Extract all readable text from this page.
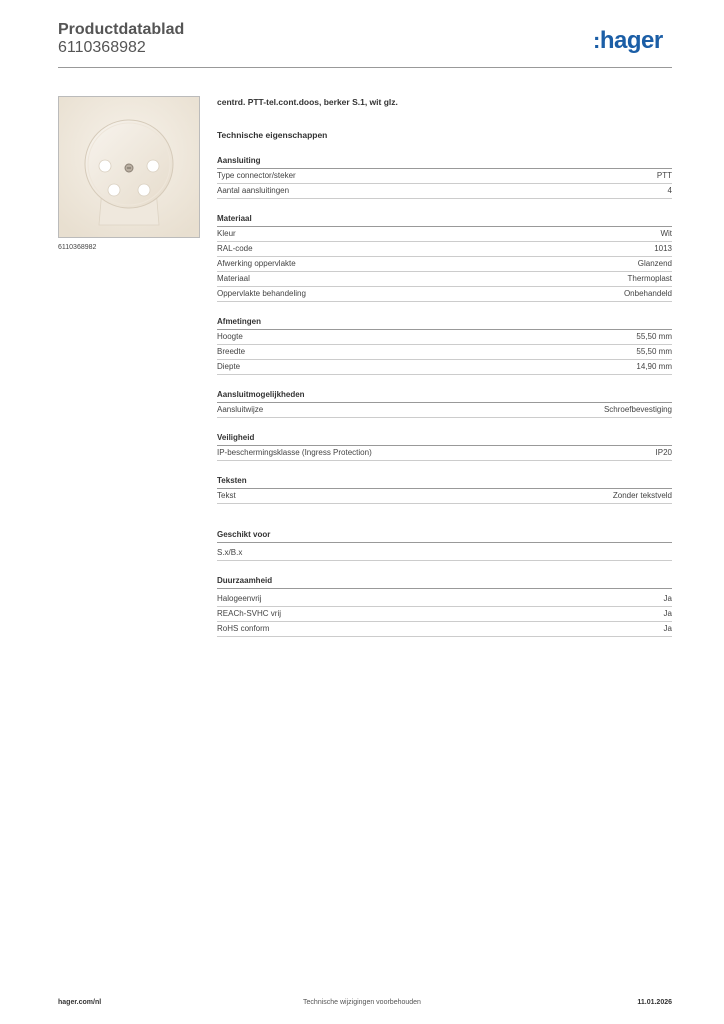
Productdatablad
6110368982	:hager
6110368982
centrd. PTT-tel.cont.doos, berker S.1, wit glz.
Technische eigenschappen
Aansluiting
Type connector/steker	PTT
Aantal aansluitingen	4
Materiaal
Kleur	Wit
RAL-code	1013
Afwerking oppervlakte	Glanzend
Materiaal	Thermoplast
Oppervlakte behandeling	Onbehandeld
Afmetingen
Hoogte	55,50 mm
Breedte	55,50 mm
Diepte	14,90 mm
Aansluitmogelijkheden
Aansluitwijze	Schroefbevestiging
Veiligheid
IP-beschermingsklasse (Ingress Protection)	IP20
Teksten
Tekst	Zonder tekstveld
Geschikt voor
S.x/B.x
Duurzaamheid
Halogeenvrij	Ja
REACh-SVHC vrij	Ja
RoHS conform	Ja
hager.com/nl	Technische wijzigingen voorbehouden	11.01.2026
